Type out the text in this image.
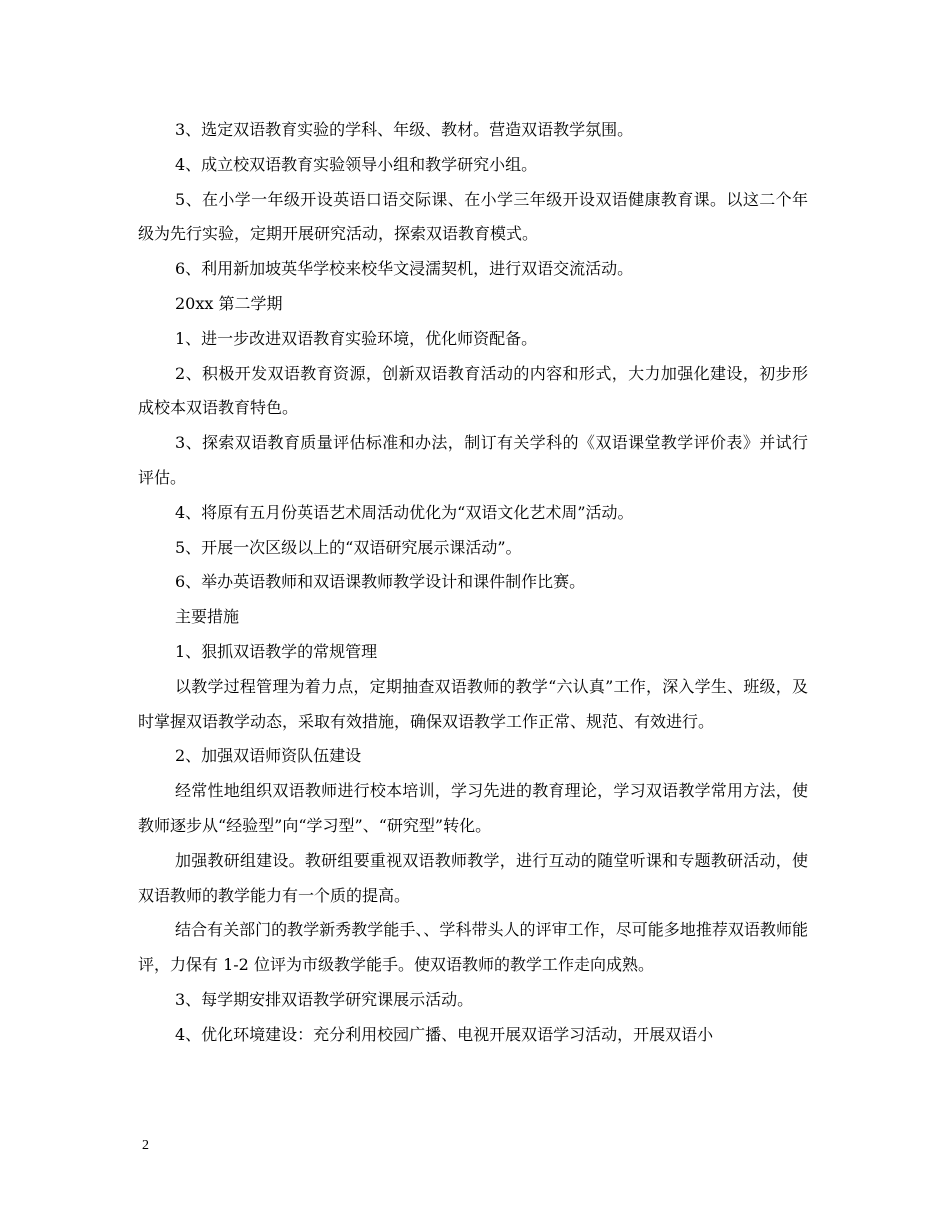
3、选定双语教育实验的学科、年级、教材。营造双语教学氛围。

4、成立校双语教育实验领导小组和教学研究小组。

5、在小学一年级开设英语口语交际课、在小学三年级开设双语健康教育课。以这二个年级为先行实验，定期开展研究活动，探索双语教育模式。

6、利用新加坡英华学校来校华文浸濡契机，进行双语交流活动。

20xx 第二学期

1、进一步改进双语教育实验环境，优化师资配备。

2、积极开发双语教育资源，创新双语教育活动的内容和形式，大力加强化建设，初步形成校本双语教育特色。

3、探索双语教育质量评估标准和办法，制订有关学科的《双语课堂教学评价表》并试行评估。

4、将原有五月份英语艺术周活动优化为“双语文化艺术周”活动。

5、开展一次区级以上的“双语研究展示课活动”。

6、举办英语教师和双语课教师教学设计和课件制作比赛。

主要措施

1、狠抓双语教学的常规管理

以教学过程管理为着力点，定期抽查双语教师的教学“六认真”工作，深入学生、班级，及时掌握双语教学动态，采取有效措施，确保双语教学工作正常、规范、有效进行。

2、加强双语师资队伍建设

经常性地组织双语教师进行校本培训，学习先进的教育理论，学习双语教学常用方法，使教师逐步从“经验型”向“学习型”、“研究型”转化。

加强教研组建设。教研组要重视双语教师教学，进行互动的随堂听课和专题教研活动，使双语教师的教学能力有一个质的提高。

结合有关部门的教学新秀教学能手、、学科带头人的评审工作，尽可能多地推荐双语教师能评，力保有 1-2 位评为市级教学能手。使双语教师的教学工作走向成熟。

3、每学期安排双语教学研究课展示活动。

4、优化环境建设：充分利用校园广播、电视开展双语学习活动，开展双语小

2
